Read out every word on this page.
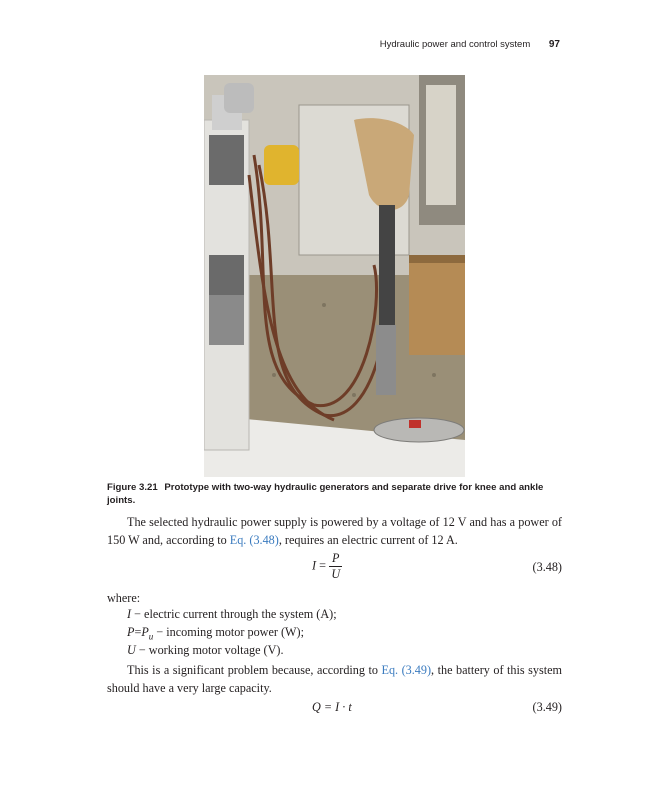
Hydraulic power and control system 97
Figure 3.21 Prototype with two-way hydraulic generators and separate drive for knee and ankle joints.
The selected hydraulic power supply is powered by a voltage of 12 V and has a power of 150 W and, according to Eq. (3.48), requires an electric current of 12 A.
$I = \frac{P}{U}$	(3.48)
where:
I − electric current through the system (A);
$P=P_u$ − incoming motor power (W);
U − working motor voltage (V).
This is a significant problem because, according to Eq. (3.49), the battery of this system should have a very large capacity.
Q = I · t	(3.49)
